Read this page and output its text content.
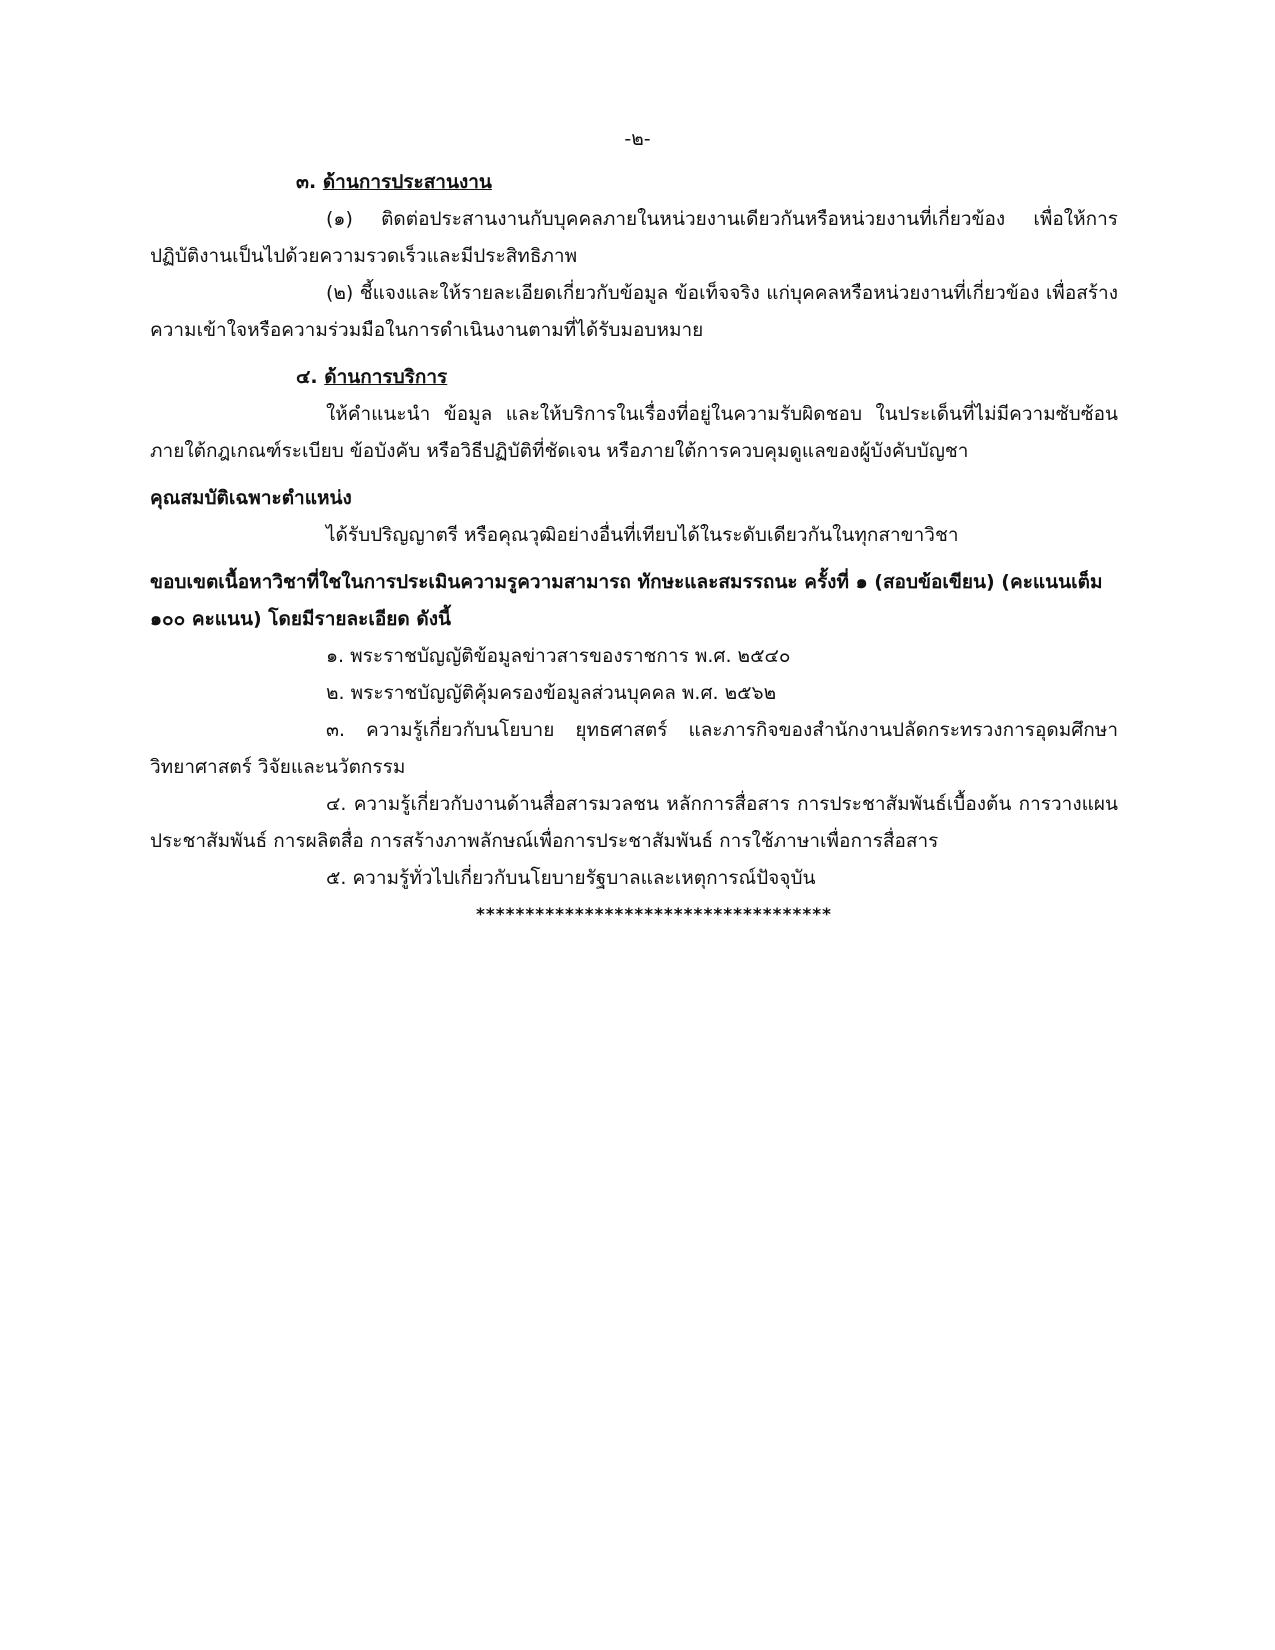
-๒-

๓. ด้านการประสานงาน

(๑) ติดต่อประสานงานกับบุคคลภายในหน่วยงานเดียวกันหรือหน่วยงานที่เกี่ยวข้อง เพื่อให้การปฏิบัติงานเป็นไปด้วยความรวดเร็วและมีประสิทธิภาพ

(๒) ชี้แจงและให้รายละเอียดเกี่ยวกับข้อมูล ข้อเท็จจริง แก่บุคคลหรือหน่วยงานที่เกี่ยวข้อง เพื่อสร้างความเข้าใจหรือความร่วมมือในการดำเนินงานตามที่ได้รับมอบหมาย

๔. ด้านการบริการ

ให้คำแนะนำ ข้อมูล และให้บริการในเรื่องที่อยู่ในความรับผิดชอบ ในประเด็นที่ไม่มีความซับซ้อน ภายใต้กฎเกณฑ์ระเบียบ ข้อบังคับ หรือวิธีปฏิบัติที่ชัดเจน หรือภายใต้การควบคุมดูแลของผู้บังคับบัญชา

คุณสมบัติเฉพาะตำแหน่ง

ได้รับปริญญาตรี หรือคุณวุฒิอย่างอื่นที่เทียบได้ในระดับเดียวกันในทุกสาขาวิชา

ขอบเขตเนื้อหาวิชาที่ใชในการประเมินความรูความสามารถ ทักษะและสมรรถนะ ครั้งที่ ๑ (สอบข้อเขียน) (คะแนนเต็ม ๑๐๐ คะแนน) โดยมีรายละเอียด ดังนี้

๑. พระราชบัญญัติข้อมูลข่าวสารของราชการ พ.ศ. ๒๕๔๐

๒. พระราชบัญญัติคุ้มครองข้อมูลส่วนบุคคล พ.ศ. ๒๕๖๒

๓. ความรู้เกี่ยวกับนโยบาย ยุทธศาสตร์ และภารกิจของสำนักงานปลัดกระทรวงการอุดมศึกษา วิทยาศาสตร์ วิจัยและนวัตกรรม

๔. ความรู้เกี่ยวกับงานด้านสื่อสารมวลชน หลักการสื่อสาร การประชาสัมพันธ์เบื้องต้น การวางแผนประชาสัมพันธ์ การผลิตสื่อ การสร้างภาพลักษณ์เพื่อการประชาสัมพันธ์ การใช้ภาษาเพื่อการสื่อสาร

๕. ความรู้ทั่วไปเกี่ยวกับนโยบายรัฐบาลและเหตุการณ์ปัจจุบัน

************************************
